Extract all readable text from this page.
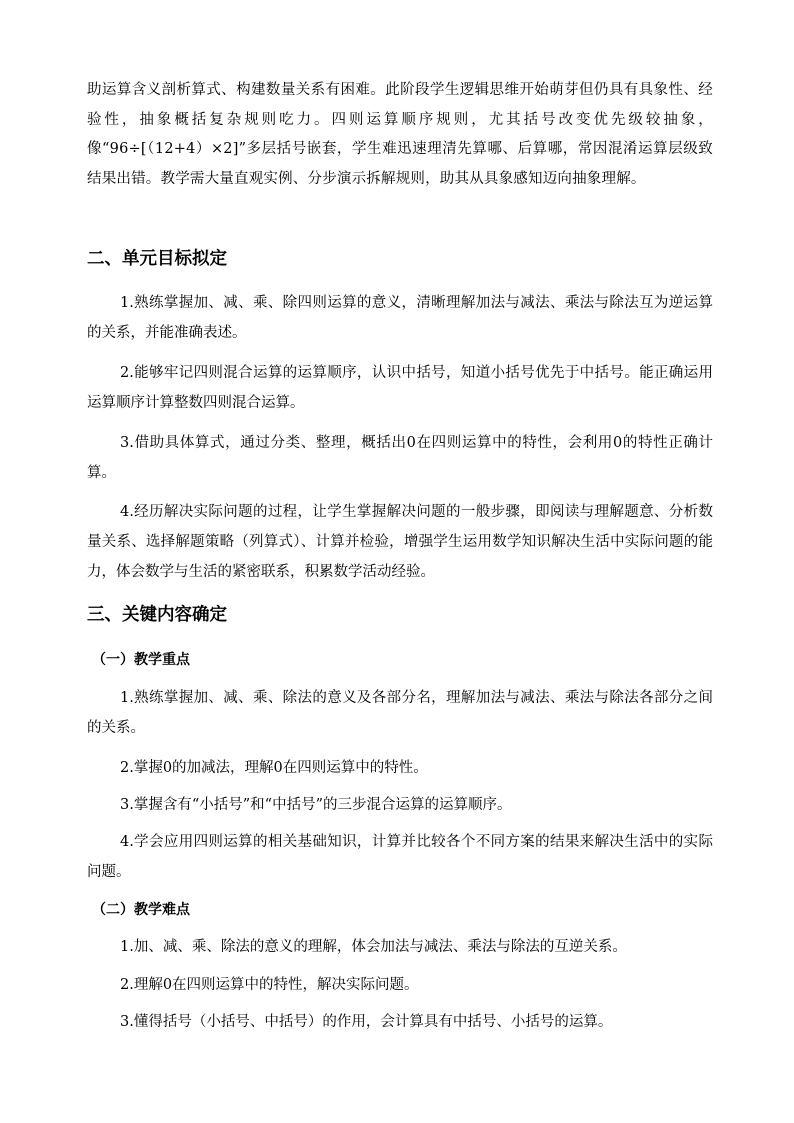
助运算含义剖析算式、构建数量关系有困难。此阶段学生逻辑思维开始萌芽但仍具有具象性、经验性，抽象概括复杂规则吃力。四则运算顺序规则，尤其括号改变优先级较抽象，像“96÷[（12+4）×2]”多层括号嵌套，学生难迅速理清先算哪、后算哪，常因混淆运算层级致结果出错。教学需大量直观实例、分步演示拆解规则，助其从具象感知迈向抽象理解。

二、单元目标拟定

1.熟练掌握加、减、乘、除四则运算的意义，清晰理解加法与减法、乘法与除法互为逆运算的关系，并能准确表述。

2.能够牢记四则混合运算的运算顺序，认识中括号，知道小括号优先于中括号。能正确运用运算顺序计算整数四则混合运算。

3.借助具体算式，通过分类、整理，概括出0在四则运算中的特性，会利用0的特性正确计算。

4.经历解决实际问题的过程，让学生掌握解决问题的一般步骤，即阅读与理解题意、分析数量关系、选择解题策略（列算式）、计算并检验，增强学生运用数学知识解决生活中实际问题的能力，体会数学与生活的紧密联系，积累数学活动经验。

三、关键内容确定
（一）教学重点

1.熟练掌握加、减、乘、除法的意义及各部分名，理解加法与减法、乘法与除法各部分之间的关系。

2.掌握0的加减法，理解0在四则运算中的特性。

3.掌握含有“小括号”和“中括号”的三步混合运算的运算顺序。

4.学会应用四则运算的相关基础知识，计算并比较各个不同方案的结果来解决生活中的实际问题。

（二）教学难点

1.加、减、乘、除法的意义的理解，体会加法与减法、乘法与除法的互逆关系。

2.理解0在四则运算中的特性，解决实际问题。

3.懂得括号（小括号、中括号）的作用，会计算具有中括号、小括号的运算。
